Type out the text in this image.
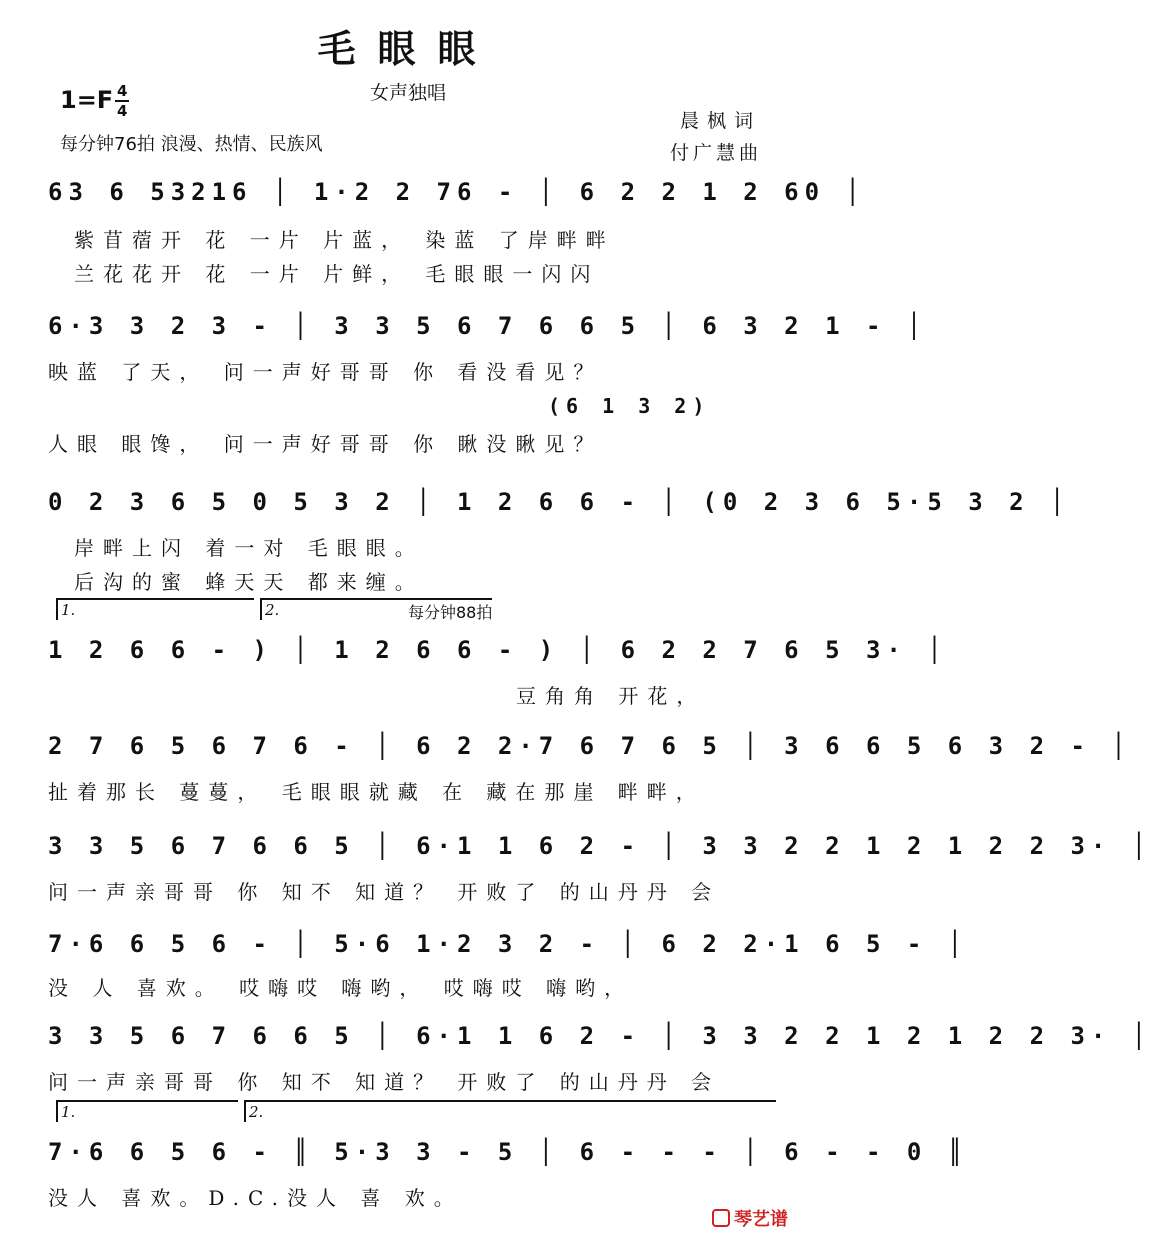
毛眼眼
女声独唱
$1=F \frac{4}{4}$
每分钟76拍 浪漫、热情、民族风
晨枫词
付广慧曲
63 6 53216 │ 1·2 2 76 - │ 6 2 2 1 2 60 │
紫苜蓿开 花 一片 片蓝， 染蓝 了岸畔畔
兰花花开 花 一片 片鲜， 毛眼眼一闪闪
6·3 3 2 3 - │ 3 3 5 6 7 6 6 5 │ 6 3 2 1 - │
映蓝 了天， 问一声好哥哥 你 看没看见？
(6 1 3 2)
人眼 眼馋， 问一声好哥哥 你 瞅没瞅见？
0 2 3 6 5 0 5 3 2 │ 1 2 6 6 - │ (0 2 3 6 5·5 3 2 │
岸畔上闪 着一对 毛眼眼。
后沟的蜜 蜂天天 都来缠。
1.	2.	每分钟88拍
1 2 6 6 - ) │ 1 2 6 6 - ) │ 6 2 2 7 6 5 3· │
豆角角 开花，
2 7 6 5 6 7 6 - │ 6 2 2·7 6 7 6 5 │ 3 6 6 5 6 3 2 - │
扯着那长 蔓蔓， 毛眼眼就藏 在 藏在那崖 畔畔，
3 3 5 6 7 6 6 5 │ 6·1 1 6 2 - │ 3 3 2 2 1 2 1 2 2 3· │
问一声亲哥哥 你 知不 知道？ 开败了 的山丹丹 会
7·6 6 5 6 - │ 5·6 1·2 3 2 - │ 6 2 2·1 6 5 - │
没 人 喜欢。 哎嗨哎 嗨哟， 哎嗨哎 嗨哟，
3 3 5 6 7 6 6 5 │ 6·1 1 6 2 - │ 3 3 2 2 1 2 1 2 2 3· │
问一声亲哥哥 你 知不 知道？ 开败了 的山丹丹 会
1.	2.
7·6 6 5 6 - ║ 5·3 3 - 5 │ 6 - - - │ 6 - - 0 ║
没人 喜欢。D.C.没人 喜 欢。
琴艺谱
